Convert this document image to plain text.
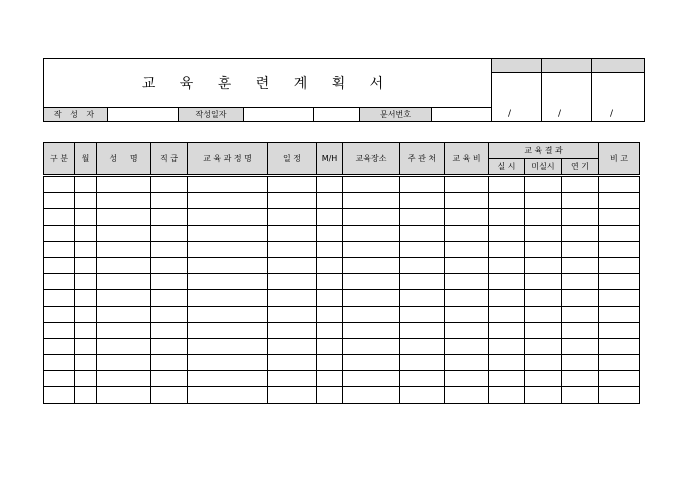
교 육 훈 련 계 획 서									

작 성 자		작성일자			문서번호					/	/	/
구 분	월	성     명	직 급	교 육 과 정 명	일 정	M/H	교육장소	주 관 처	교 육 비	교 육 결 과			비 고
										실 시	미실시	연 기	
